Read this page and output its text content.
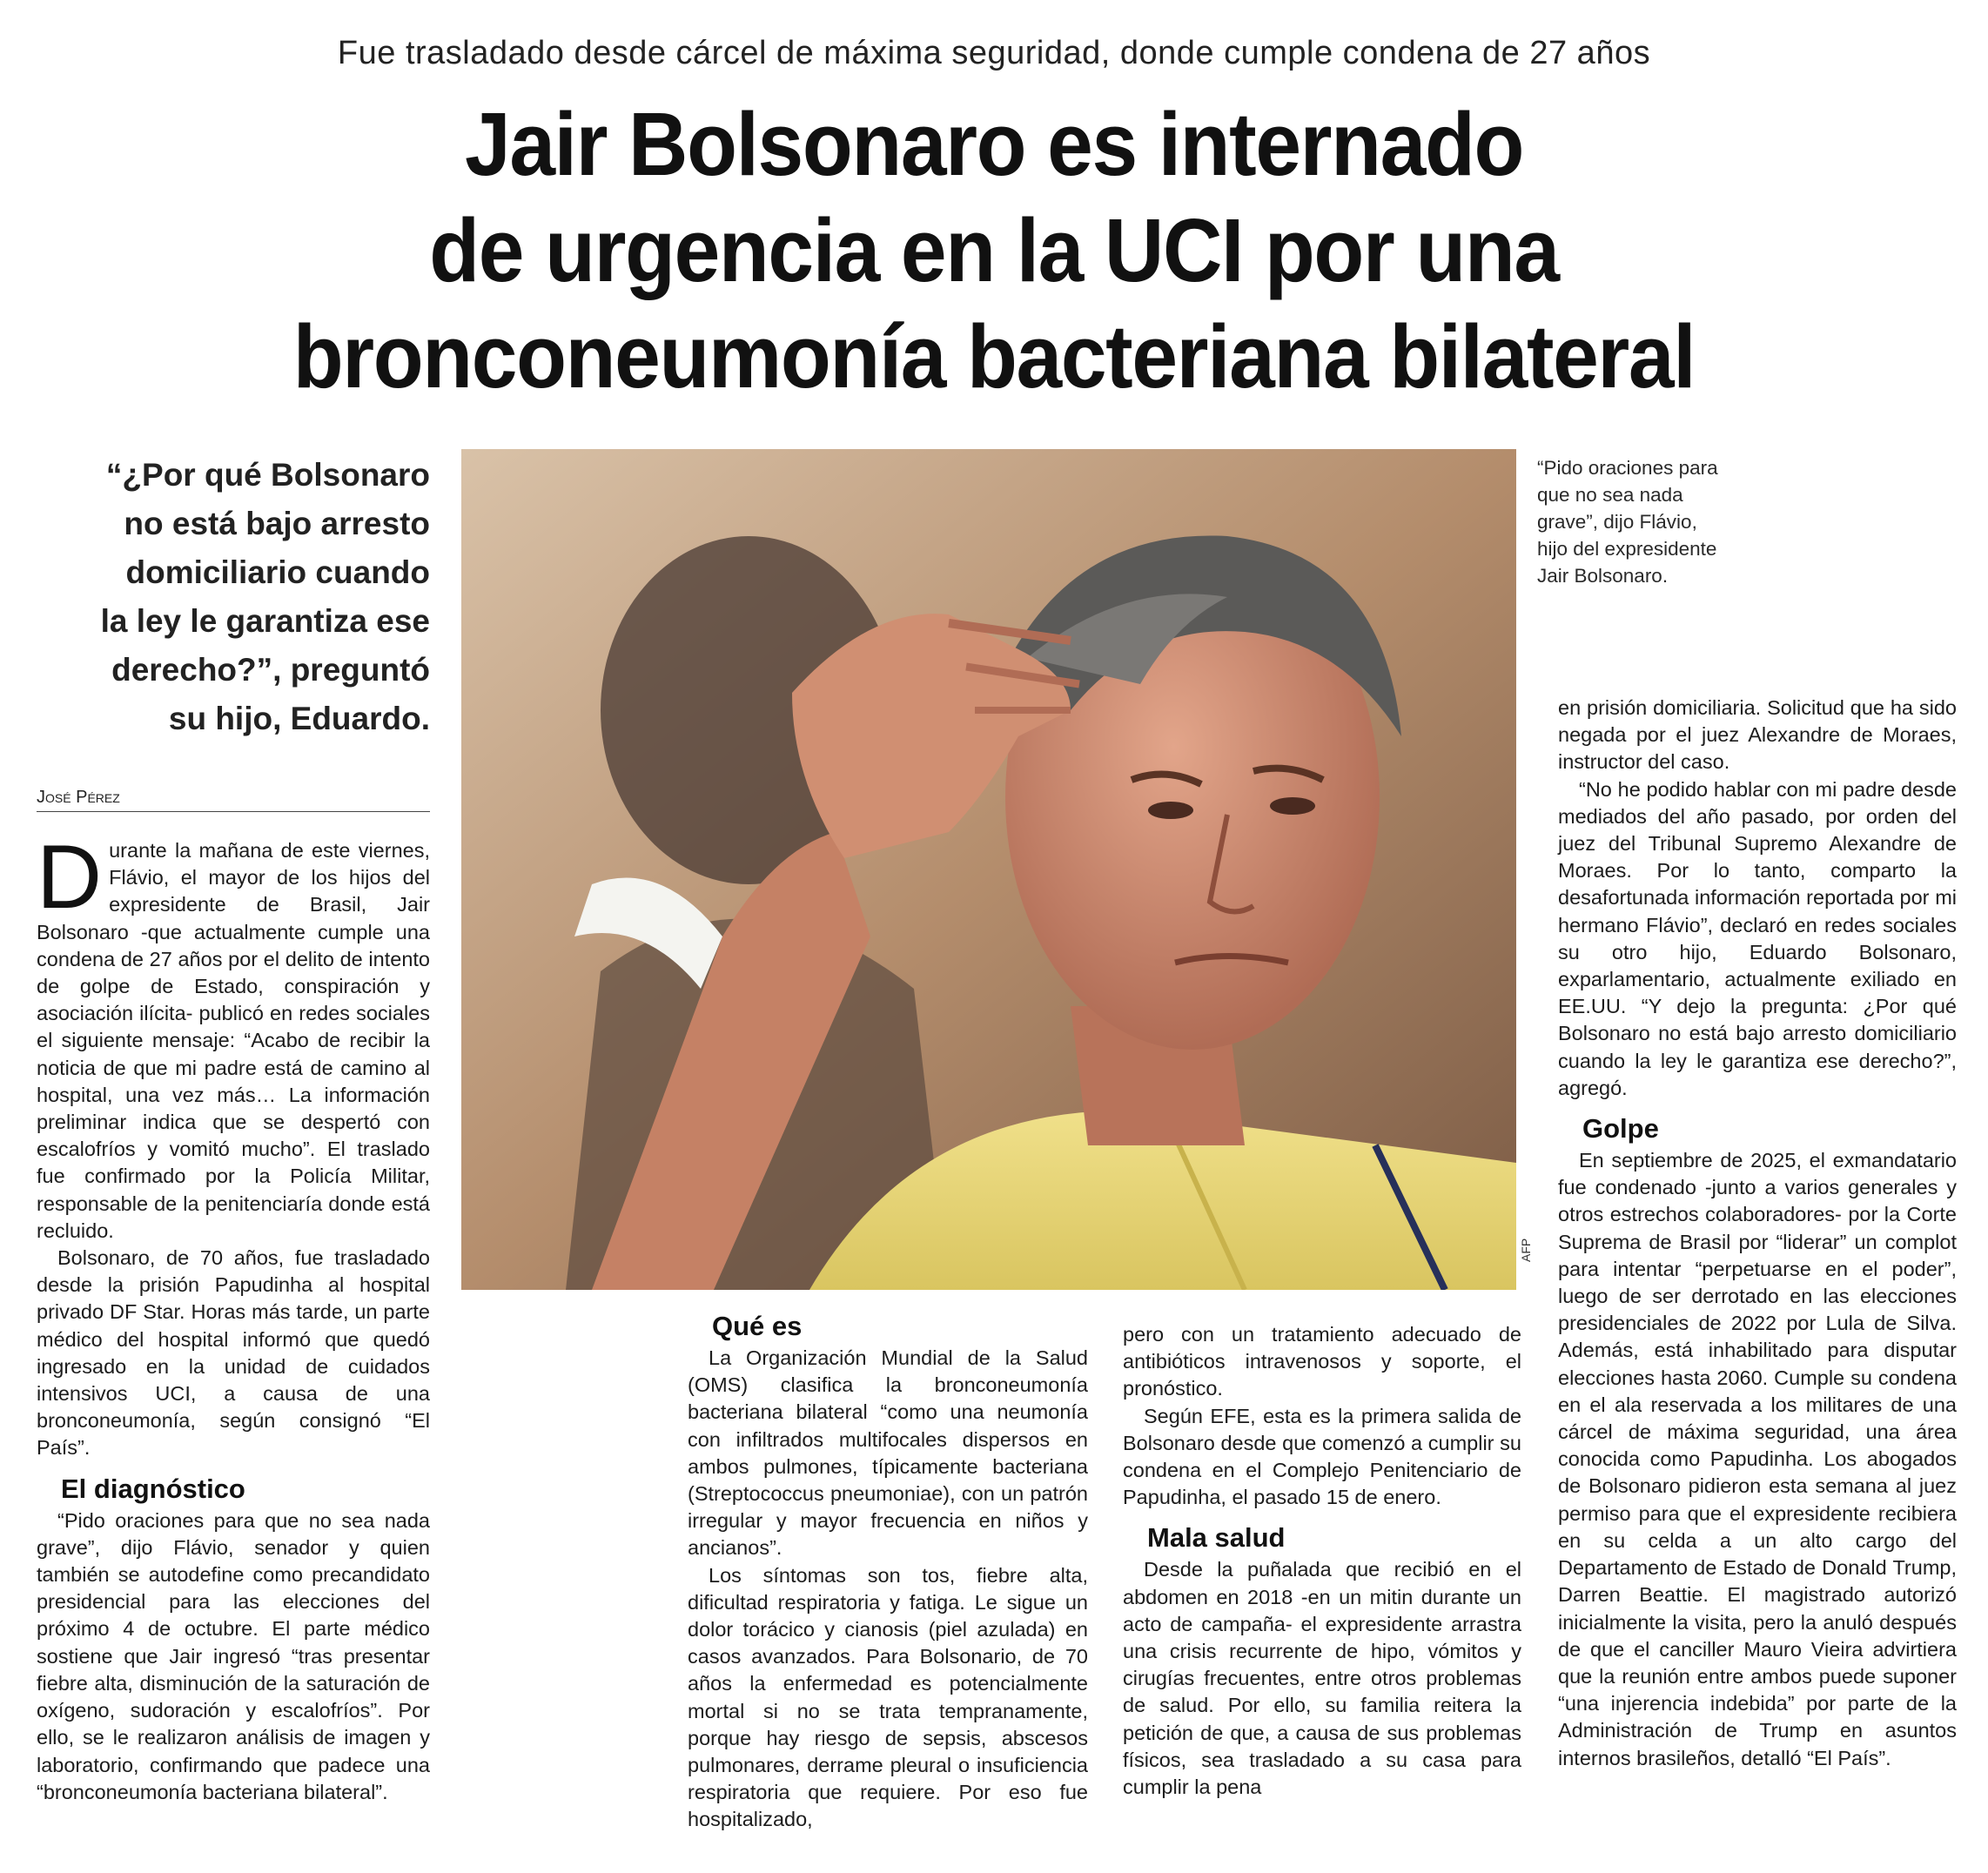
Fue trasladado desde cárcel de máxima seguridad, donde cumple condena de 27 años
Jair Bolsonaro es internado
de urgencia en la UCI por una
bronconeumonía bacteriana bilateral
“¿Por qué Bolsonaro
no está bajo arresto
domiciliario cuando
la ley le garantiza ese
derecho?”, preguntó
su hijo, Eduardo.
José Pérez

Durante la mañana de este viernes, Flávio, el mayor de los hijos del expresidente de Brasil, Jair Bolsonaro -que actualmente cumple una condena de 27 años por el delito de intento de golpe de Estado, conspiración y asociación ilícita- publicó en redes sociales el siguiente mensaje: “Acabo de recibir la noticia de que mi padre está de camino al hospital, una vez más… La información preliminar indica que se despertó con escalofríos y vomitó mucho”. El traslado fue confirmado por la Policía Militar, responsable de la penitenciaría donde está recluido.

Bolsonaro, de 70 años, fue trasladado desde la prisión Papudinha al hospital privado DF Star. Horas más tarde, un parte médico del hospital informó que quedó ingresado en la unidad de cuidados intensivos UCI, a causa de una bronconeumonía, según consignó “El País”.

El diagnóstico

“Pido oraciones para que no sea nada grave”, dijo Flávio, senador y quien también se autodefine como precandidato presidencial para las elecciones del próximo 4 de octubre. El parte médico sostiene que Jair ingresó “tras presentar fiebre alta, disminución de la saturación de oxígeno, sudoración y escalofríos”. Por ello, se le realizaron análisis de imagen y laboratorio, confirmando que padece una “bronconeumonía bacteriana bilateral”.

AFP
“Pido oraciones para que no sea nada grave”, dijo Flávio, hijo del expresidente Jair Bolsonaro.
Qué es

La Organización Mundial de la Salud (OMS) clasifica la bronconeumonía bacteriana bilateral “como una neumonía con infiltrados multifocales dispersos en ambos pulmones, típicamente bacteriana (Streptococcus pneumoniae), con un patrón irregular y mayor frecuencia en niños y ancianos”.

Los síntomas son tos, fiebre alta, dificultad respiratoria y fatiga. Le sigue un dolor torácico y cianosis (piel azulada) en casos avanzados. Para Bolsonario, de 70 años la enfermedad es potencialmente mortal si no se trata tempranamente, porque hay riesgo de sepsis, abscesos pulmonares, derrame pleural o insuficiencia respiratoria que requiere. Por eso fue hospitalizado,

pero con un tratamiento adecuado de antibióticos intravenosos y soporte, el pronóstico.

Según EFE, esta es la primera salida de Bolsonaro desde que comenzó a cumplir su condena en el Complejo Penitenciario de Papudinha, el pasado 15 de enero.

Mala salud

Desde la puñalada que recibió en el abdomen en 2018 -en un mitin durante un acto de campaña- el expresidente arrastra una crisis recurrente de hipo, vómitos y cirugías frecuentes, entre otros problemas de salud. Por ello, su familia reitera la petición de que, a causa de sus problemas físicos, sea trasladado a su casa para cumplir la pena

en prisión domiciliaria. Solicitud que ha sido negada por el juez Alexandre de Moraes, instructor del caso.

“No he podido hablar con mi padre desde mediados del año pasado, por orden del juez del Tribunal Supremo Alexandre de Moraes. Por lo tanto, comparto la desafortunada información reportada por mi hermano Flávio”, declaró en redes sociales su otro hijo, Eduardo Bolsonaro, exparlamentario, actualmente exiliado en EE.UU. “Y dejo la pregunta: ¿Por qué Bolsonaro no está bajo arresto domiciliario cuando la ley le garantiza ese derecho?”, agregó.

Golpe

En septiembre de 2025, el exmandatario fue condenado -junto a varios generales y otros estrechos colaboradores- por la Corte Suprema de Brasil por “liderar” un complot para intentar “perpetuarse en el poder”, luego de ser derrotado en las elecciones presidenciales de 2022 por Lula de Silva. Además, está inhabilitado para disputar elecciones hasta 2060. Cumple su condena en el ala reservada a los militares de una cárcel de máxima seguridad, una área conocida como Papudinha. Los abogados de Bolsonaro pidieron esta semana al juez permiso para que el expresidente recibiera en su celda a un alto cargo del Departamento de Estado de Donald Trump, Darren Beattie. El magistrado autorizó inicialmente la visita, pero la anuló después de que el canciller Mauro Vieira advirtiera que la reunión entre ambos puede suponer “una injerencia indebida” por parte de la Administración de Trump en asuntos internos brasileños, detalló “El País”.
